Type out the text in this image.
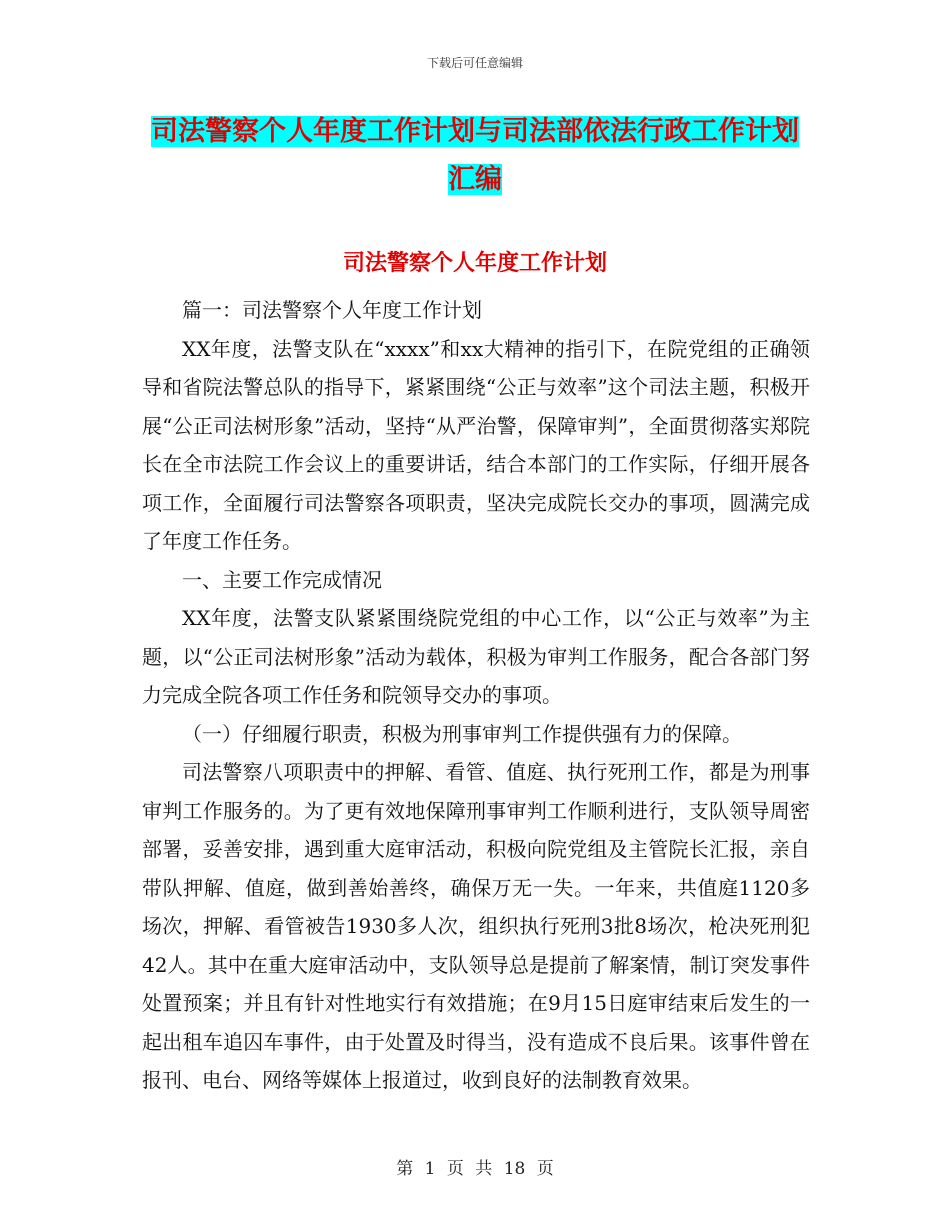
下载后可任意编辑
司法警察个人年度工作计划与司法部依法行政工作计划汇编
司法警察个人年度工作计划

篇一：司法警察个人年度工作计划

XX年度，法警支队在“xxxx”和xx大精神的指引下，在院党组的正确领导和省院法警总队的指导下，紧紧围绕“公正与效率”这个司法主题，积极开展“公正司法树形象”活动，坚持“从严治警，保障审判”，全面贯彻落实郑院长在全市法院工作会议上的重要讲话，结合本部门的工作实际，仔细开展各项工作，全面履行司法警察各项职责，坚决完成院长交办的事项，圆满完成了年度工作任务。

一、主要工作完成情况

XX年度，法警支队紧紧围绕院党组的中心工作，以“公正与效率”为主题，以“公正司法树形象”活动为载体，积极为审判工作服务，配合各部门努力完成全院各项工作任务和院领导交办的事项。

（一）仔细履行职责，积极为刑事审判工作提供强有力的保障。

司法警察八项职责中的押解、看管、值庭、执行死刑工作，都是为刑事审判工作服务的。为了更有效地保障刑事审判工作顺利进行，支队领导周密部署，妥善安排，遇到重大庭审活动，积极向院党组及主管院长汇报，亲自带队押解、值庭，做到善始善终，确保万无一失。一年来，共值庭1120多场次，押解、看管被告1930多人次，组织执行死刑3批8场次，枪决死刑犯42人。其中在重大庭审活动中，支队领导总是提前了解案情，制订突发事件处置预案；并且有针对性地实行有效措施；在9月15日庭审结束后发生的一起出租车追囚车事件，由于处置及时得当，没有造成不良后果。该事件曾在报刊、电台、网络等媒体上报道过，收到良好的法制教育效果。

第 1 页 共 18 页
